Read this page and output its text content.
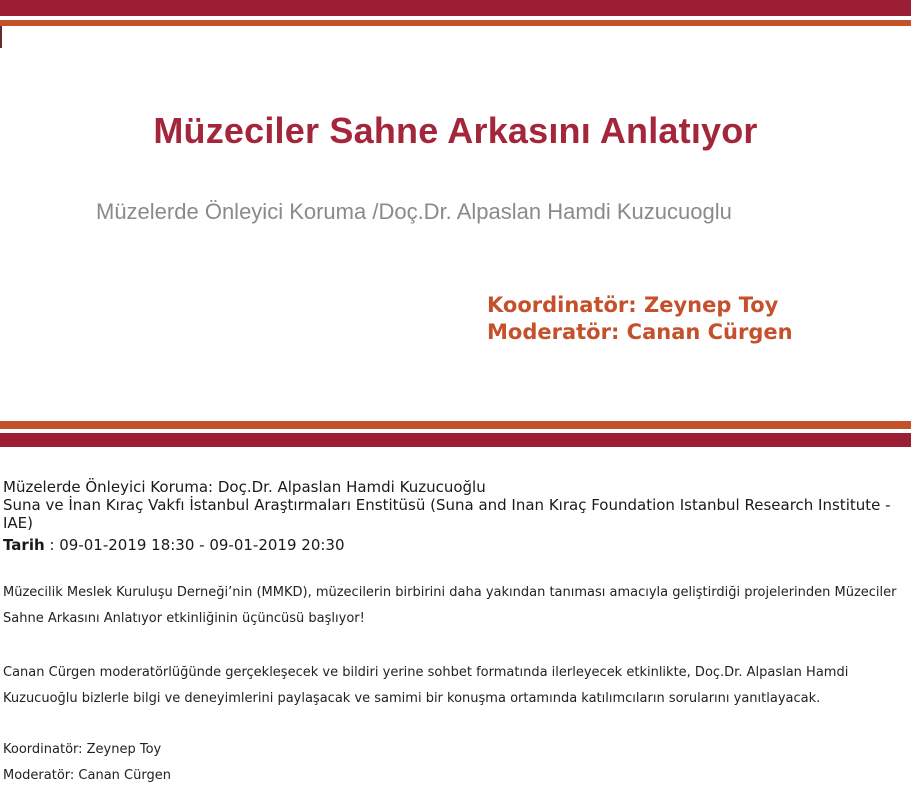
Müzeciler Sahne Arkasını Anlatıyor
Müzelerde Önleyici Koruma /Doç.Dr. Alpaslan Hamdi Kuzucuoglu
Koordinatör: Zeynep Toy
Moderatör: Canan Cürgen
Müzelerde Önleyici Koruma: Doç.Dr. Alpaslan Hamdi Kuzucuoğlu
Suna ve İnan Kıraç Vakfı İstanbul Araştırmaları Enstitüsü (Suna and Inan Kıraç Foundation Istanbul Research Institute - IAE)
Tarih : 09-01-2019 18:30 - 09-01-2019 20:30
Müzecilik Meslek Kuruluşu Derneği’nin (MMKD), müzecilerin birbirini daha yakından tanıması amacıyla geliştirdiği projelerinden Müzeciler Sahne Arkasını Anlatıyor etkinliğinin üçüncüsü başlıyor!
Canan Cürgen moderatörlüğünde gerçekleşecek ve bildiri yerine sohbet formatında ilerleyecek etkinlikte, Doç.Dr. Alpaslan Hamdi Kuzucuoğlu bizlerle bilgi ve deneyimlerini paylaşacak ve samimi bir konuşma ortamında katılımcıların sorularını yanıtlayacak.
Koordinatör: Zeynep Toy
Moderatör: Canan Cürgen
